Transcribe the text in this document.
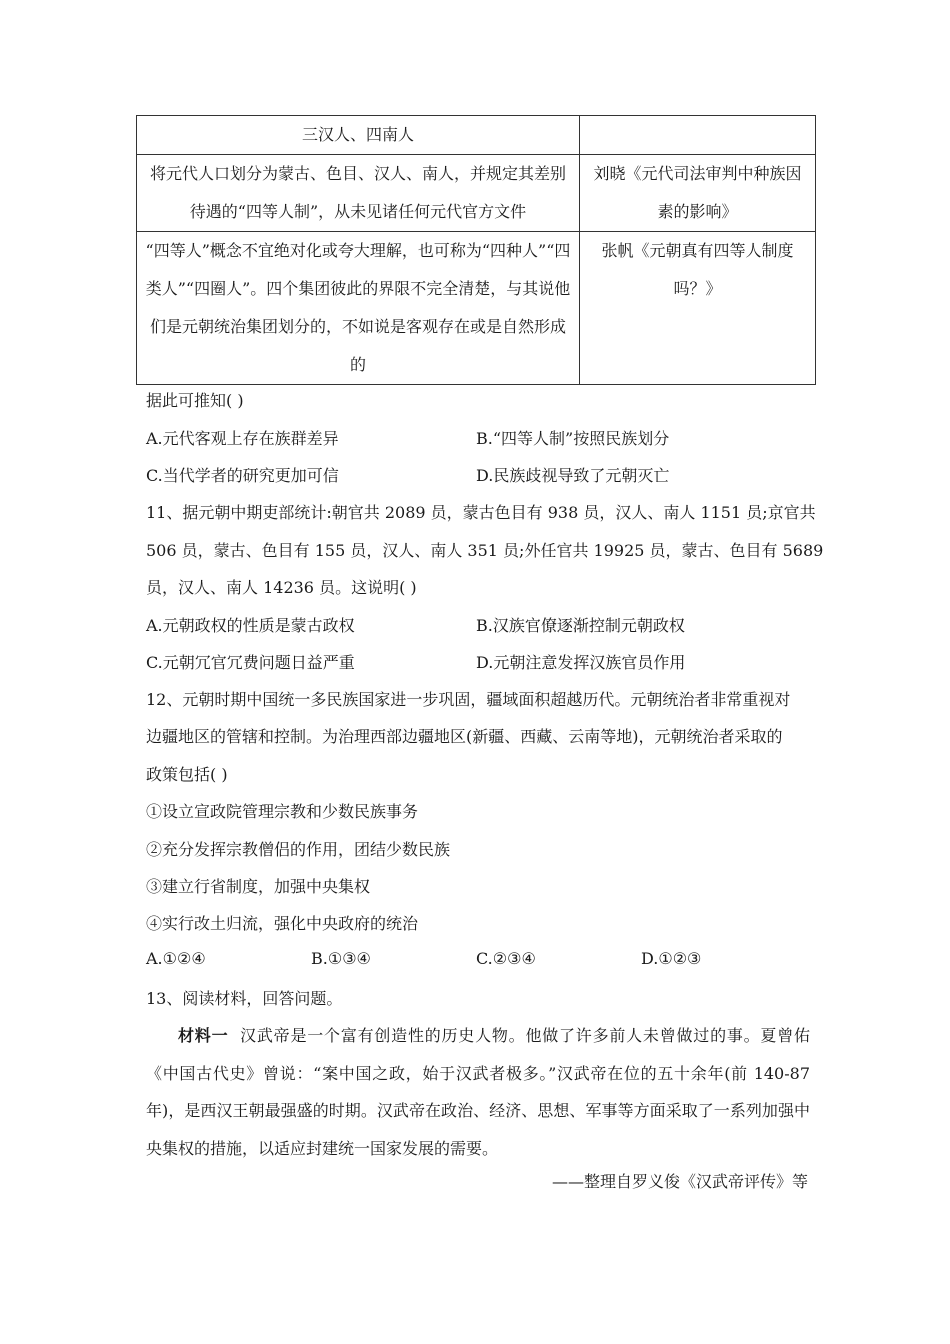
三汉人、四南人	
将元代人口划分为蒙古、色目、汉人、南人，并规定其差别待遇的“四等人制”，从未见诸任何元代官方文件	刘晓《元代司法审判中种族因素的影响》
“四等人”概念不宜绝对化或夸大理解，也可称为“四种人”“四类人”“四圈人”。四个集团彼此的界限不完全清楚，与其说他们是元朝统治集团划分的，不如说是客观存在或是自然形成的	张帆《元朝真有四等人制度吗？》
据此可推知( )
A.元代客观上存在族群差异	B.“四等人制”按照民族划分
C.当代学者的研究更加可信	D.民族歧视导致了元朝灭亡
11、据元朝中期吏部统计:朝官共 2089 员，蒙古色目有 938 员，汉人、南人 1151 员;京官共
506 员，蒙古、色目有 155 员，汉人、南人 351 员;外任官共 19925 员，蒙古、色目有 5689
员，汉人、南人 14236 员。这说明( )
A.元朝政权的性质是蒙古政权	B.汉族官僚逐渐控制元朝政权
C.元朝冗官冗费问题日益严重	D.元朝注意发挥汉族官员作用
12、元朝时期中国统一多民族国家进一步巩固，疆域面积超越历代。元朝统治者非常重视对
边疆地区的管辖和控制。为治理西部边疆地区(新疆、西藏、云南等地)，元朝统治者采取的
政策包括( )
①设立宣政院管理宗教和少数民族事务
②充分发挥宗教僧侣的作用，团结少数民族
③建立行省制度，加强中央集权
④实行改土归流，强化中央政府的统治
A.①②④	B.①③④	C.②③④	D.①②③
13、阅读材料，回答问题。
材料一 汉武帝是一个富有创造性的历史人物。他做了许多前人未曾做过的事。夏曾佑《中国古代史》曾说：“案中国之政，始于汉武者极多。”汉武帝在位的五十余年(前 140-87 年)，是西汉王朝最强盛的时期。汉武帝在政治、经济、思想、军事等方面采取了一系列加强中央集权的措施，以适应封建统一国家发展的需要。
——整理自罗义俊《汉武帝评传》等
